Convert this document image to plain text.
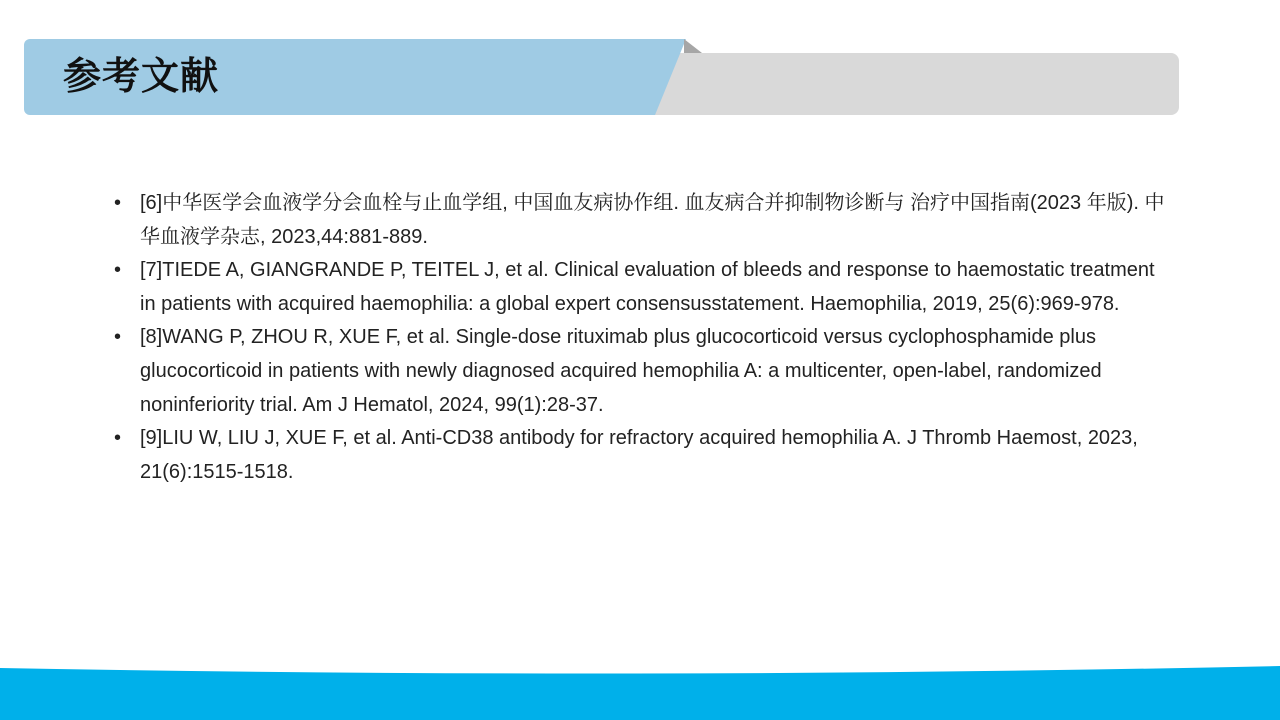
参考文献
• [6]中华医学会血液学分会血栓与止血学组, 中国血友病协作组. 血友病合并抑制物诊断与 治疗中国指南(2023 年版). 中华血液学杂志, 2023,44:881-889.
• [7]TIEDE A, GIANGRANDE P, TEITEL J, et al. Clinical evaluation of bleeds and response to haemostatic treatment in patients with acquired haemophilia: a global expert consensusstatement. Haemophilia, 2019, 25(6):969-978.
• [8]WANG P, ZHOU R, XUE F, et al. Single-dose rituximab plus glucocorticoid versus cyclophosphamide plus glucocorticoid in patients with newly diagnosed acquired hemophilia A: a multicenter, open-label, randomized noninferiority trial. Am J Hematol, 2024, 99(1):28-37.
• [9]LIU W, LIU J, XUE F, et al. Anti-CD38 antibody for refractory acquired hemophilia A. J Thromb Haemost, 2023, 21(6):1515-1518.
